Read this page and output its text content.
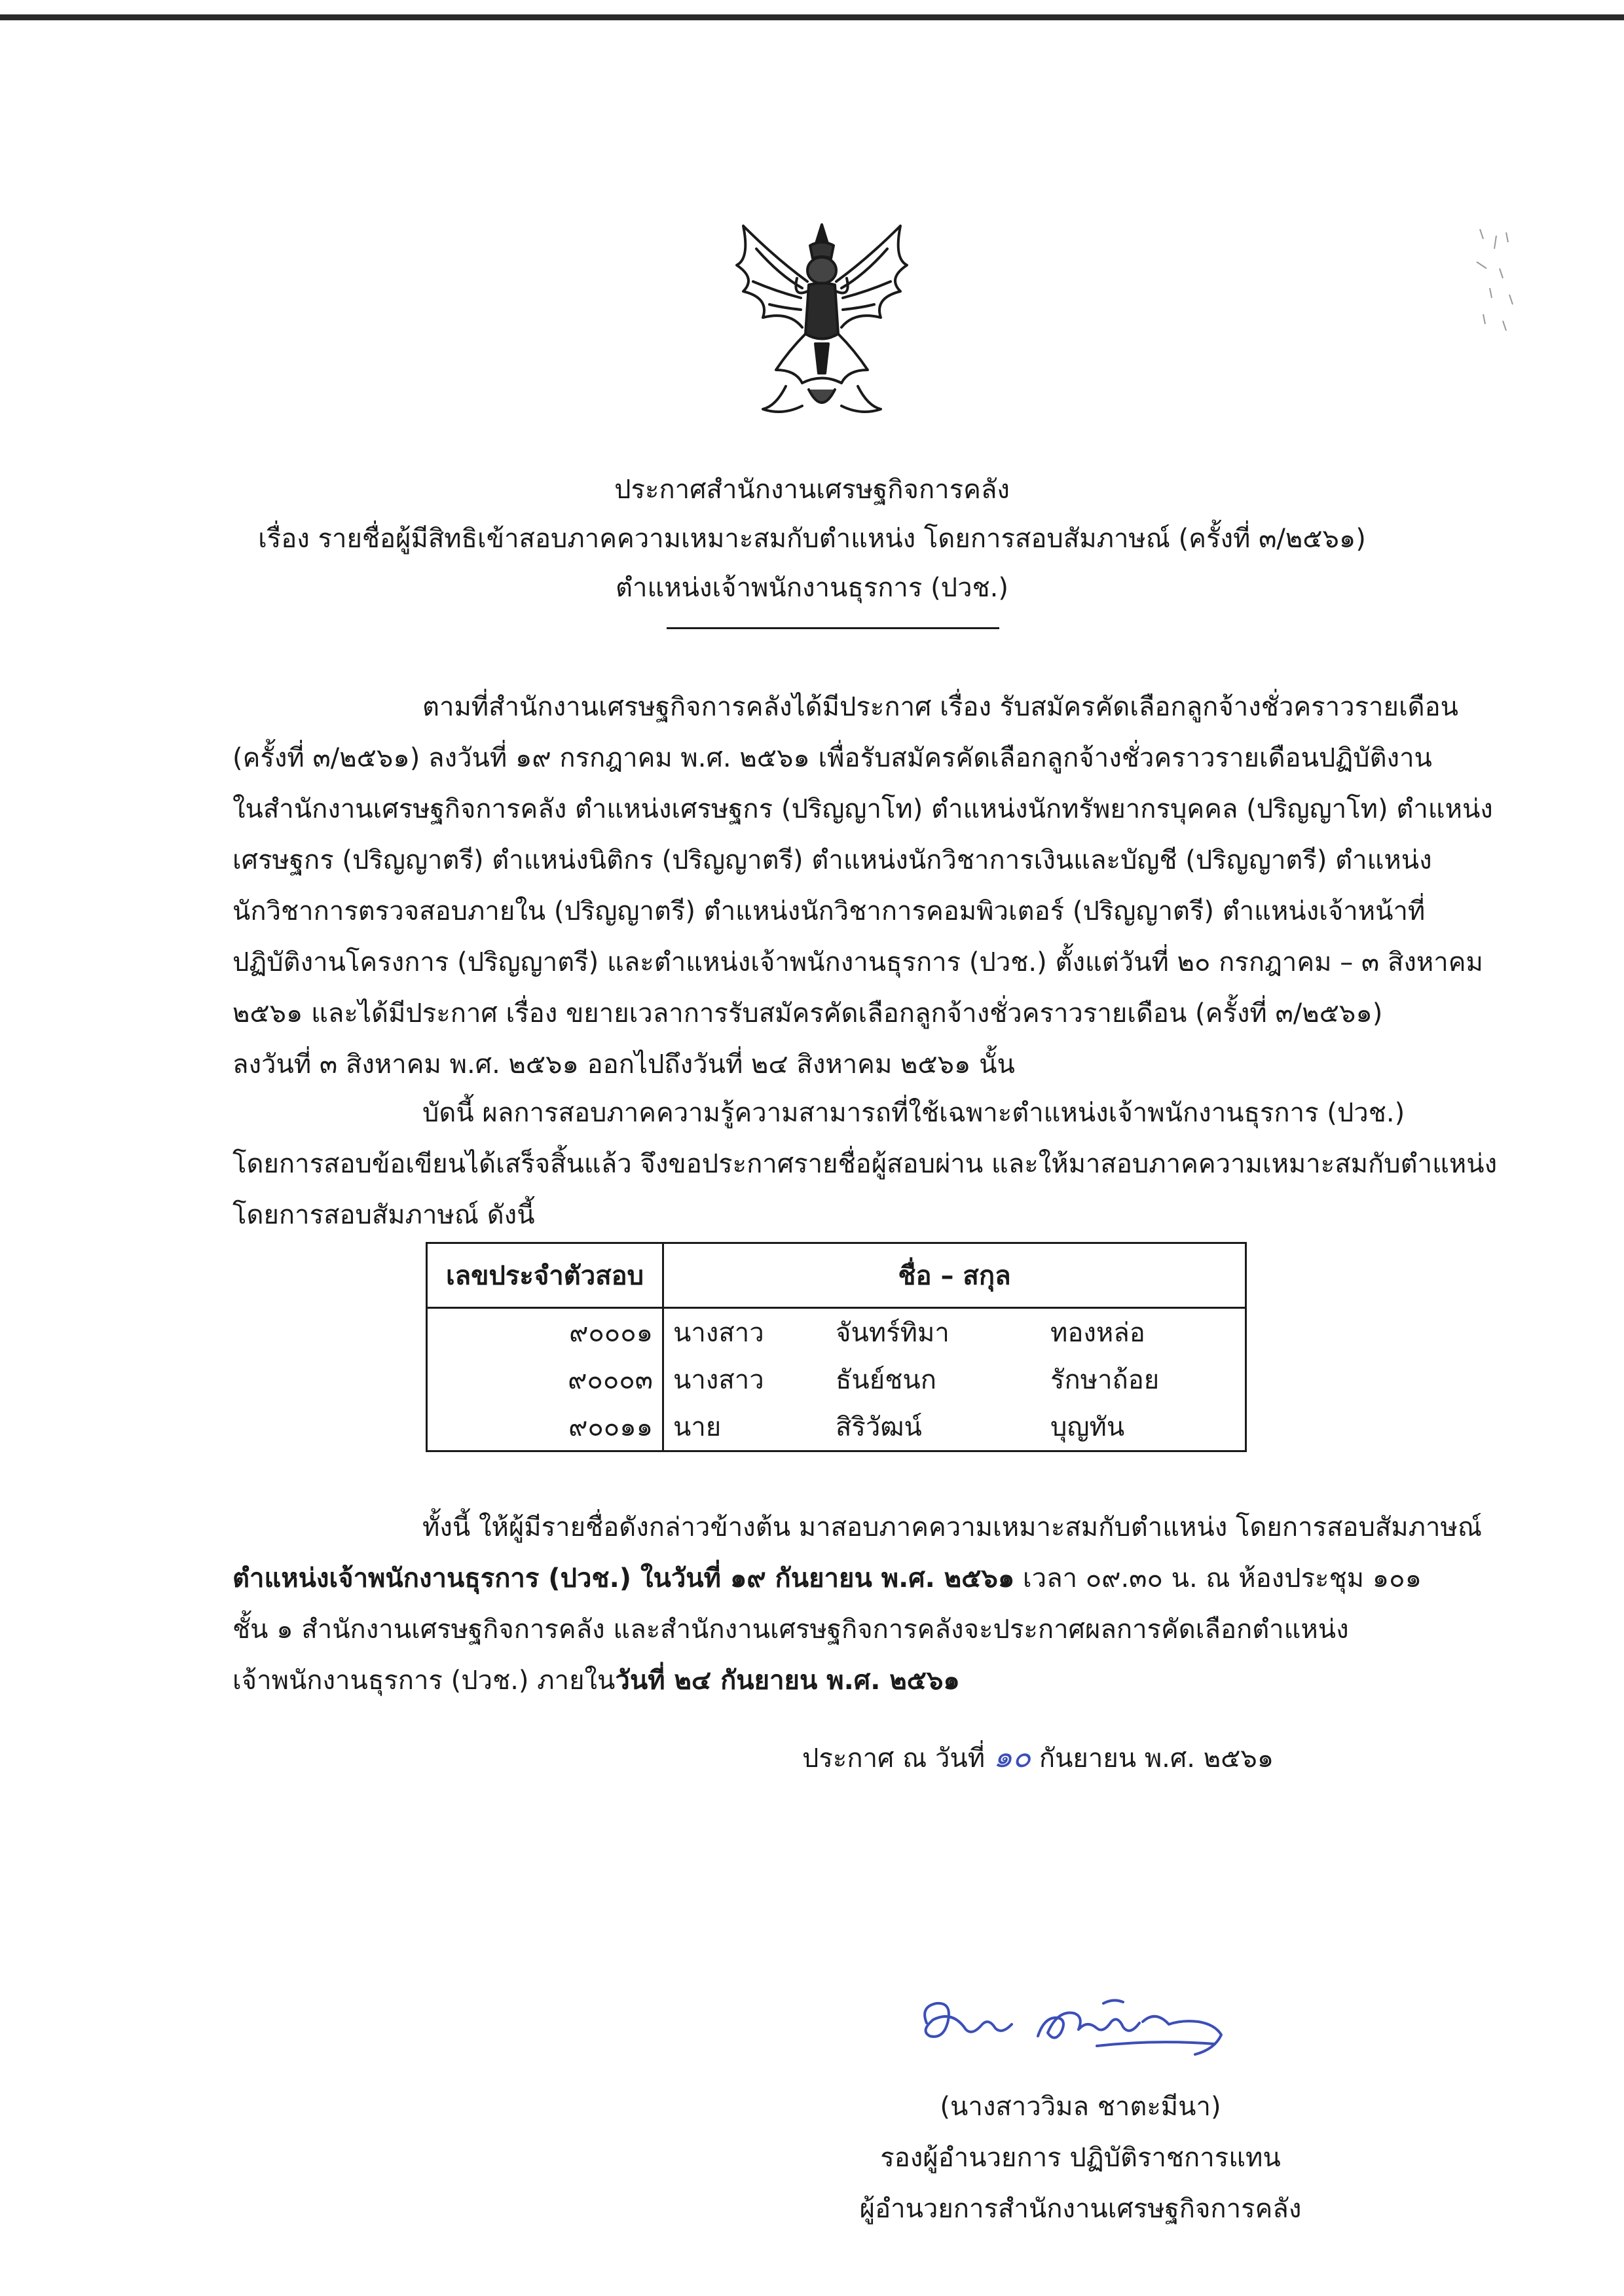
ประกาศสำนักงานเศรษฐกิจการคลัง
เรื่อง รายชื่อผู้มีสิทธิเข้าสอบภาคความเหมาะสมกับตำแหน่ง โดยการสอบสัมภาษณ์ (ครั้งที่ ๓/๒๕๖๑)
ตำแหน่งเจ้าพนักงานธุรการ (ปวช.)
ตามที่สำนักงานเศรษฐกิจการคลังได้มีประกาศ เรื่อง รับสมัครคัดเลือกลูกจ้างชั่วคราวรายเดือน
(ครั้งที่ ๓/๒๕๖๑) ลงวันที่ ๑๙ กรกฎาคม พ.ศ. ๒๕๖๑ เพื่อรับสมัครคัดเลือกลูกจ้างชั่วคราวรายเดือนปฏิบัติงาน
ในสำนักงานเศรษฐกิจการคลัง ตำแหน่งเศรษฐกร (ปริญญาโท) ตำแหน่งนักทรัพยากรบุคคล (ปริญญาโท) ตำแหน่ง
เศรษฐกร (ปริญญาตรี) ตำแหน่งนิติกร (ปริญญาตรี) ตำแหน่งนักวิชาการเงินและบัญชี (ปริญญาตรี) ตำแหน่ง
นักวิชาการตรวจสอบภายใน (ปริญญาตรี) ตำแหน่งนักวิชาการคอมพิวเตอร์ (ปริญญาตรี) ตำแหน่งเจ้าหน้าที่
ปฏิบัติงานโครงการ (ปริญญาตรี) และตำแหน่งเจ้าพนักงานธุรการ (ปวช.) ตั้งแต่วันที่ ๒๐ กรกฎาคม – ๓ สิงหาคม
๒๕๖๑ และได้มีประกาศ เรื่อง ขยายเวลาการรับสมัครคัดเลือกลูกจ้างชั่วคราวรายเดือน (ครั้งที่ ๓/๒๕๖๑)
ลงวันที่ ๓ สิงหาคม พ.ศ. ๒๕๖๑ ออกไปถึงวันที่ ๒๔ สิงหาคม ๒๕๖๑ นั้น
บัดนี้ ผลการสอบภาคความรู้ความสามารถที่ใช้เฉพาะตำแหน่งเจ้าพนักงานธุรการ (ปวช.)
โดยการสอบข้อเขียนได้เสร็จสิ้นแล้ว จึงขอประกาศรายชื่อผู้สอบผ่าน และให้มาสอบภาคความเหมาะสมกับตำแหน่ง
โดยการสอบสัมภาษณ์ ดังนี้
เลขประจำตัวสอบ	ชื่อ – สกุล		
๙๐๐๐๑	นางสาว	จันทร์ทิมา	ทองหล่อ
๙๐๐๐๓	นางสาว	ธันย์ชนก	รักษาถ้อย
๙๐๐๑๑	นาย	สิริวัฒน์	บุญทัน
ทั้งนี้ ให้ผู้มีรายชื่อดังกล่าวข้างต้น มาสอบภาคความเหมาะสมกับตำแหน่ง โดยการสอบสัมภาษณ์
ตำแหน่งเจ้าพนักงานธุรการ (ปวช.) ในวันที่ ๑๙ กันยายน พ.ศ. ๒๕๖๑ เวลา ๐๙.๓๐ น. ณ ห้องประชุม ๑๐๑
ชั้น ๑ สำนักงานเศรษฐกิจการคลัง และสำนักงานเศรษฐกิจการคลังจะประกาศผลการคัดเลือกตำแหน่ง
เจ้าพนักงานธุรการ (ปวช.) ภายในวันที่ ๒๔ กันยายน พ.ศ. ๒๕๖๑
ประกาศ ณ วันที่ ๑๐ กันยายน พ.ศ. ๒๕๖๑
(นางสาววิมล ชาตะมีนา)
รองผู้อำนวยการ ปฏิบัติราชการแทน
ผู้อำนวยการสำนักงานเศรษฐกิจการคลัง
